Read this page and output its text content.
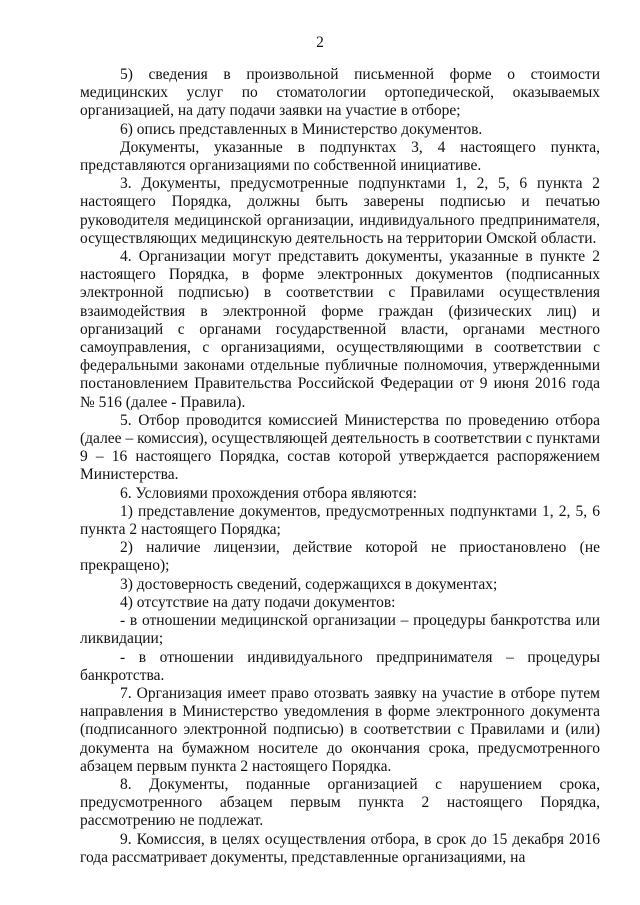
2

5) сведения в произвольной письменной форме о стоимости медицинских услуг по стоматологии ортопедической, оказываемых организацией, на дату подачи заявки на участие в отборе;

6) опись представленных в Министерство документов.

Документы, указанные в подпунктах 3, 4 настоящего пункта, представляются организациями по собственной инициативе.

3. Документы, предусмотренные подпунктами 1, 2, 5, 6 пункта 2 настоящего Порядка, должны быть заверены подписью и печатью руководителя медицинской организации, индивидуального предпринимателя, осуществляющих медицинскую деятельность на территории Омской области.

4. Организации могут представить документы, указанные в пункте 2 настоящего Порядка, в форме электронных документов (подписанных электронной подписью) в соответствии с Правилами осуществления взаимодействия в электронной форме граждан (физических лиц) и организаций с органами государственной власти, органами местного самоуправления, с организациями, осуществляющими в соответствии с федеральными законами отдельные публичные полномочия, утвержденными постановлением Правительства Российской Федерации от 9 июня 2016 года № 516 (далее - Правила).

5. Отбор проводится комиссией Министерства по проведению отбора (далее – комиссия), осуществляющей деятельность в соответствии с пунктами 9 – 16 настоящего Порядка, состав которой утверждается распоряжением Министерства.

6. Условиями прохождения отбора являются:

1) представление документов, предусмотренных подпунктами 1, 2, 5, 6 пункта 2 настоящего Порядка;

2) наличие лицензии, действие которой не приостановлено (не прекращено);

3) достоверность сведений, содержащихся в документах;

4) отсутствие на дату подачи документов:

- в отношении медицинской организации – процедуры банкротства или ликвидации;

- в отношении индивидуального предпринимателя – процедуры банкротства.

7. Организация имеет право отозвать заявку на участие в отборе путем направления в Министерство уведомления в форме электронного документа (подписанного электронной подписью) в соответствии с Правилами и (или) документа на бумажном носителе до окончания срока, предусмотренного абзацем первым пункта 2 настоящего Порядка.

8. Документы, поданные организацией с нарушением срока, предусмотренного абзацем первым пункта 2 настоящего Порядка, рассмотрению не подлежат.

9. Комиссия, в целях осуществления отбора, в срок до 15 декабря 2016 года рассматривает документы, представленные организациями, на
